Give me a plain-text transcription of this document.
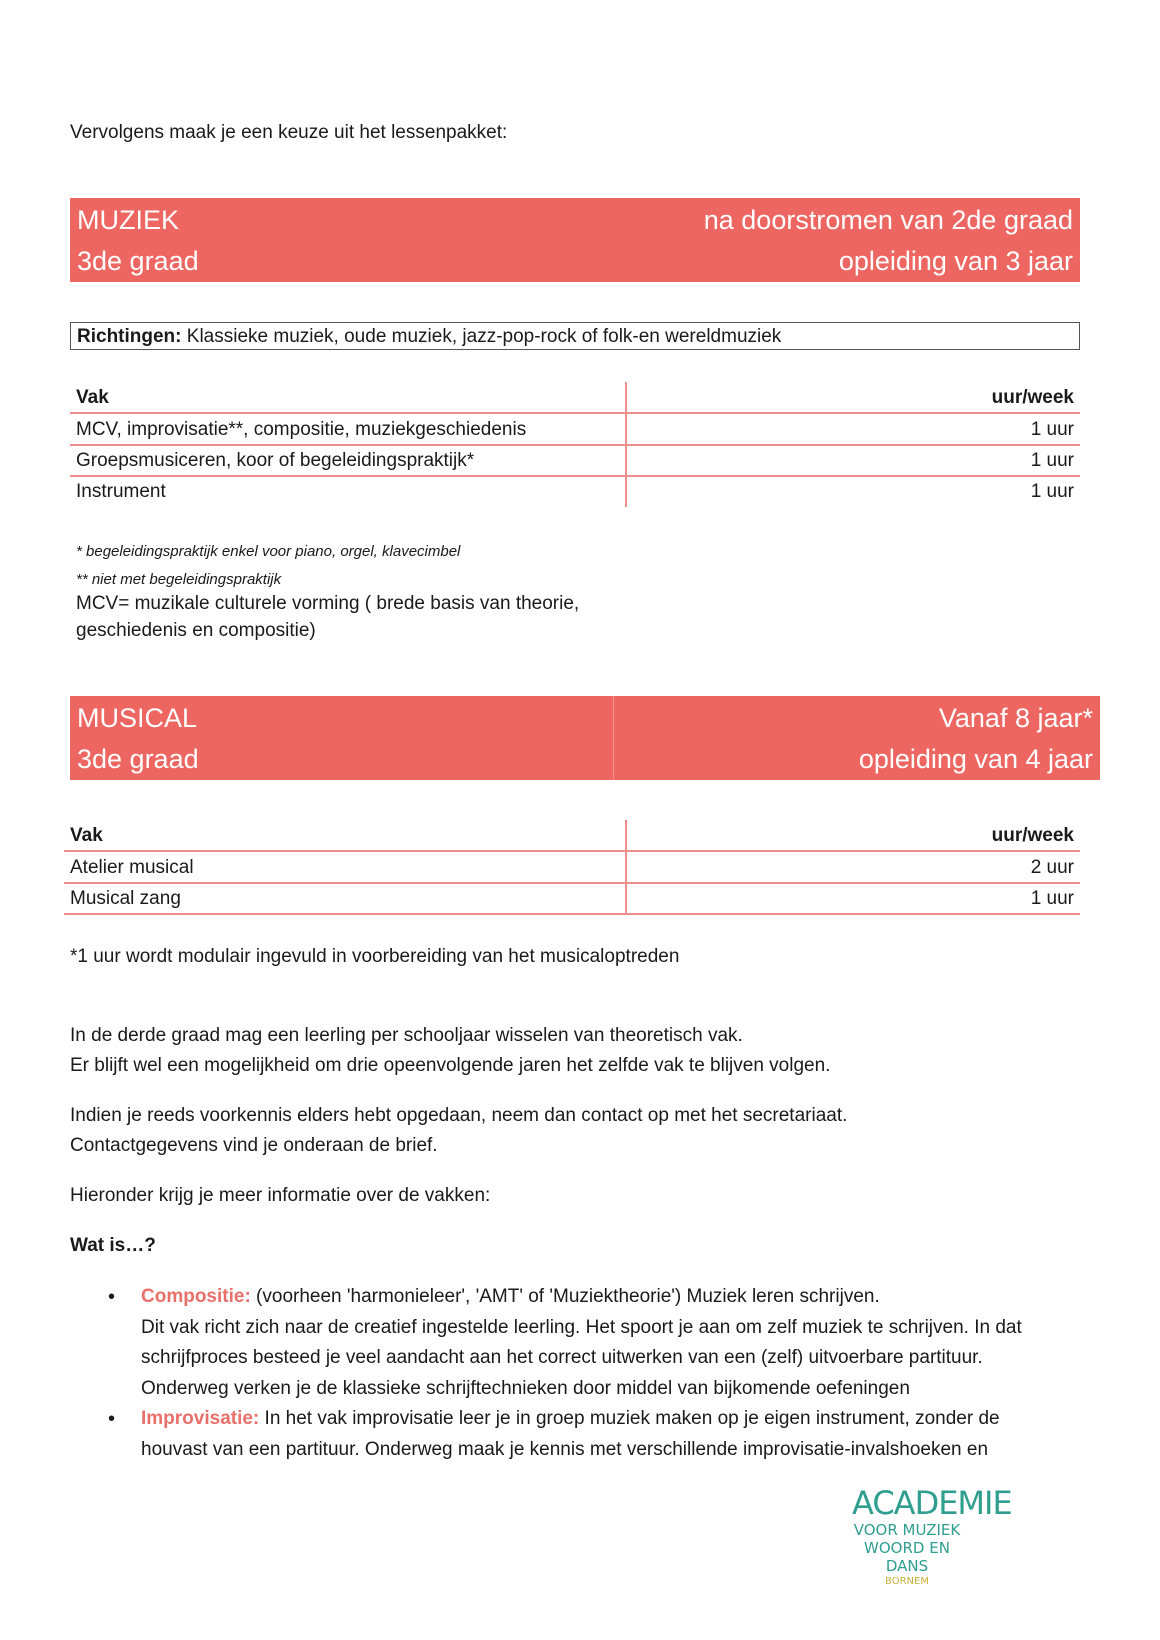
Vervolgens maak je een keuze uit het lessenpakket:
MUZIEK
3de graad
na doorstromen van 2de graad
opleiding van 3 jaar
Richtingen: Klassieke muziek, oude muziek, jazz-pop-rock of folk-en wereldmuziek
Vak	uur/week
MCV, improvisatie**, compositie, muziekgeschiedenis	1 uur
Groepsmusiceren, koor of begeleidingspraktijk*	1 uur
Instrument	1 uur
* begeleidingspraktijk enkel voor piano, orgel, klavecimbel
** niet met begeleidingspraktijk
MCV= muzikale culturele vorming ( brede basis van theorie,
geschiedenis en compositie)
MUSICAL
3de graad
Vanaf 8 jaar*
opleiding van 4 jaar
Vak	uur/week
Atelier musical	2 uur
Musical zang	1 uur
*1 uur wordt modulair ingevuld in voorbereiding van het musicaloptreden
In de derde graad mag een leerling per schooljaar wisselen van theoretisch vak.
Er blijft wel een mogelijkheid om drie opeenvolgende jaren het zelfde vak te blijven volgen.
Indien je reeds voorkennis elders hebt opgedaan, neem dan contact op met het secretariaat.
Contactgegevens vind je onderaan de brief.
Hieronder krijg je meer informatie over de vakken:
Wat is…?
• Compositie: (voorheen 'harmonieleer', 'AMT' of 'Muziektheorie') Muziek leren schrijven.
Dit vak richt zich naar de creatief ingestelde leerling. Het spoort je aan om zelf muziek te schrijven. In dat schrijfproces besteed je veel aandacht aan het correct uitwerken van een (zelf) uitvoerbare partituur. Onderweg verken je de klassieke schrijftechnieken door middel van bijkomende oefeningen
• Improvisatie: In het vak improvisatie leer je in groep muziek maken op je eigen instrument, zonder de houvast van een partituur. Onderweg maak je kennis met verschillende improvisatie-invalshoeken en
ACADEMIE
VOOR MUZIEK
WOORD EN DANS
BORNEM
